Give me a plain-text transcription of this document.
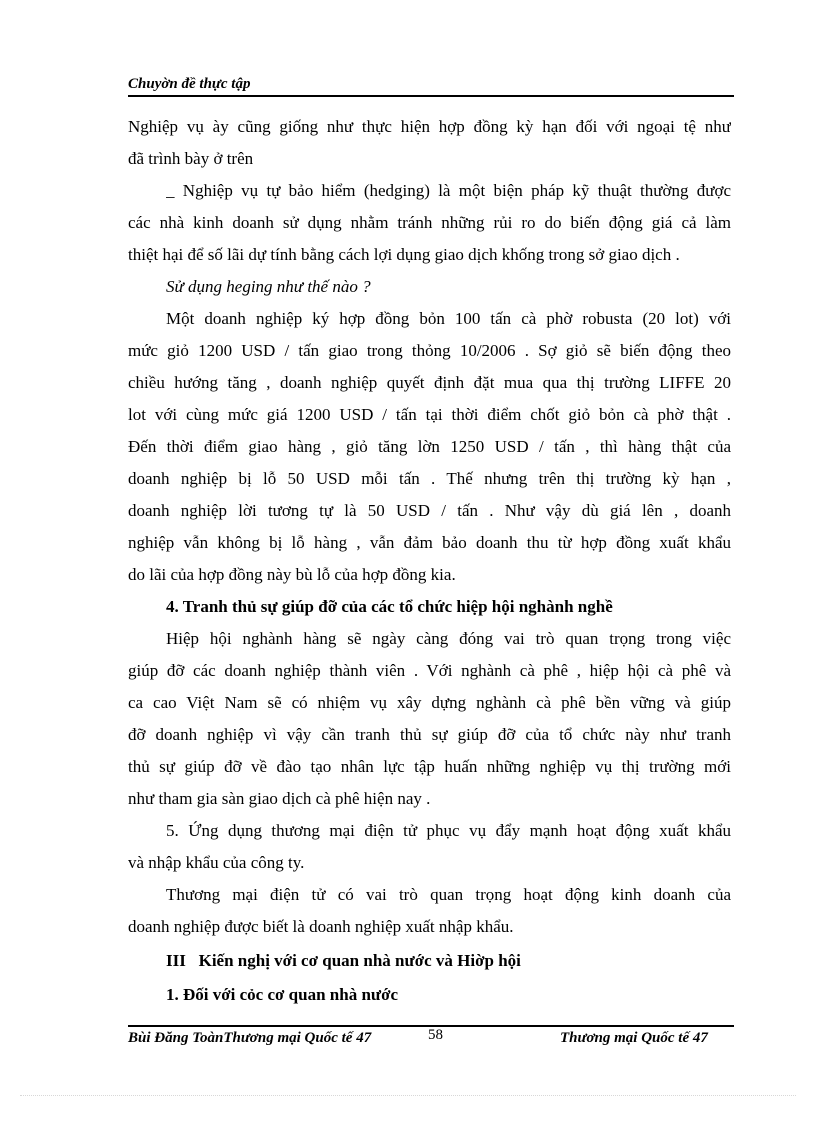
Chuyờn đề thực tập
Nghiệp vụ ày cũng giống như thực hiện hợp đồng kỳ hạn đối với ngoại tệ như
đã trình bày ở trên
_ Nghiệp vụ tự bảo hiểm (hedging) là một biện pháp kỹ thuật thường được
các nhà kinh doanh sử dụng nhằm tránh những rủi ro do biến động giá cả làm
thiệt hại để số lãi dự tính bằng cách lợi dụng giao dịch khống trong sở giao dịch .
Sử dụng heging như thế nào ?
Một doanh nghiệp ký hợp đồng bỏn 100 tấn cà phờ robusta (20 lot) với
mức giỏ 1200 USD / tấn giao trong thỏng 10/2006 . Sợ giỏ sẽ biến động theo
chiều hướng tăng , doanh nghiệp quyết định đặt mua qua thị trường LIFFE 20
lot với cùng mức giá 1200 USD / tấn tại thời điểm chốt giỏ bỏn cà phờ thật .
Đến thời điểm giao hàng , giỏ tăng lờn 1250 USD / tấn , thì hàng thật của
doanh nghiệp bị lỗ 50 USD mỗi tấn . Thế nhưng trên thị trường kỳ hạn ,
doanh nghiệp lời tương tự là 50 USD / tấn . Như vậy dù giá lên , doanh
nghiệp vẫn không bị lỗ hàng , vẫn đảm bảo doanh thu từ hợp đồng xuất khẩu
do lãi của hợp đồng này bù lỗ của hợp đồng kia.
4. Tranh thủ sự giúp đỡ của các tổ chức hiệp hội nghành nghề
Hiệp hội nghành hàng sẽ ngày càng đóng vai trò quan trọng trong việc
giúp đỡ các doanh nghiệp thành viên . Với nghành cà phê , hiệp hội cà phê và
ca cao Việt Nam sẽ có nhiệm vụ xây dựng nghành cà phê bền vững và giúp
đỡ doanh nghiệp vì vậy cần tranh thủ sự giúp đỡ của tổ chức này như tranh
thủ sự giúp đỡ về đào tạo nhân lực tập huấn những nghiệp vụ thị trường mới
như tham gia sàn giao dịch cà phê hiện nay .
5. Ứng dụng thương mại điện tử phục vụ đẩy mạnh hoạt động xuất khẩu
và nhập khẩu của công ty.
Thương mại điện tử có vai trò quan trọng hoạt động kinh doanh của
doanh nghiệp được biết là doanh nghiệp xuất nhập khẩu.
III   Kiến nghị với cơ quan nhà nước và Hiờp hội
1. Đối với cỏc cơ quan nhà nước
Bùi Đăng ToànThương mại Quốc tế 47	58	Thương mại Quốc tế 47
